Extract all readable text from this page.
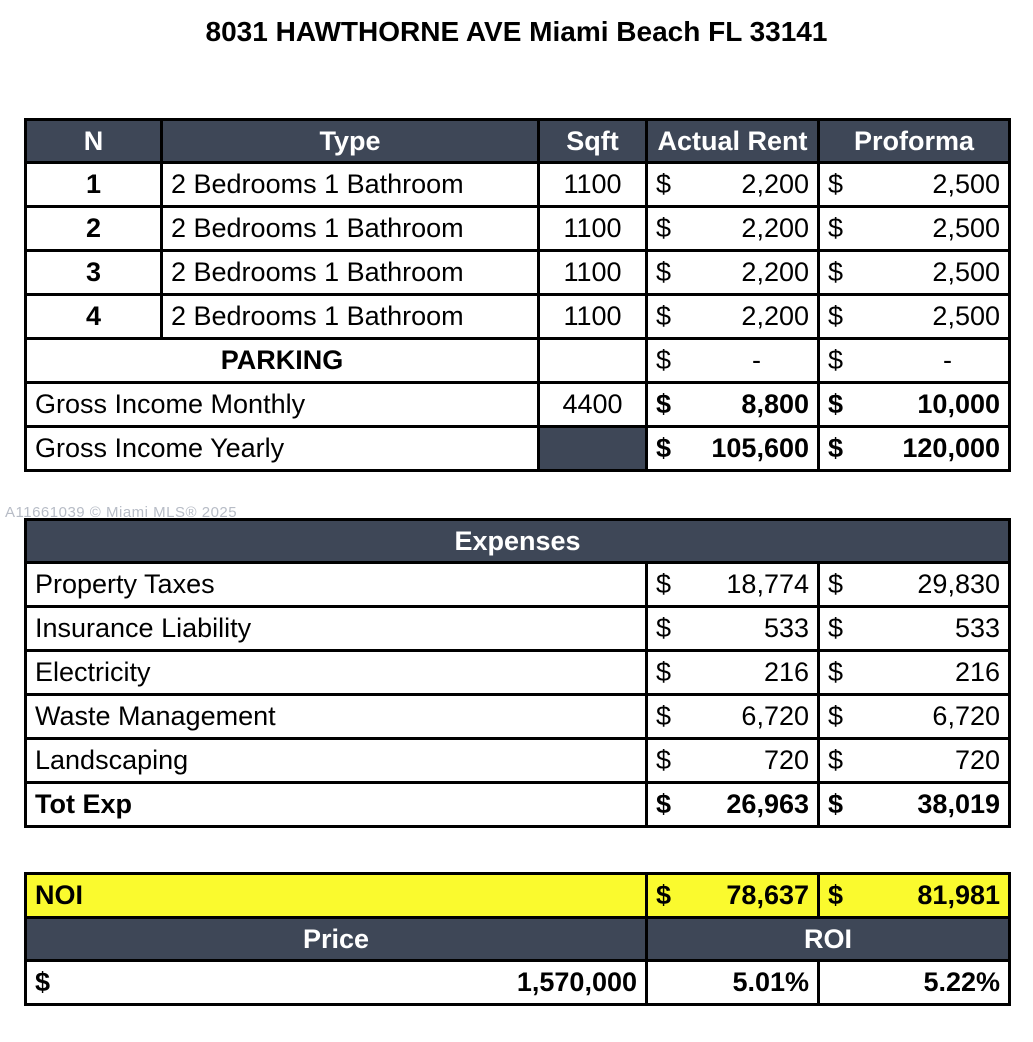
8031 HAWTHORNE AVE Miami Beach FL 33141
A11661039 © Miami MLS® 2025
N	Type	Sqft	Actual Rent	Proforma
1	2 Bedrooms 1 Bathroom	1100	$ 2,200	$ 2,500

2	2 Bedrooms 1 Bathroom	1100	$ 2,200	$ 2,500

3	2 Bedrooms 1 Bathroom	1100	$ 2,200	$ 2,500

4	2 Bedrooms 1 Bathroom	1100	$ 2,200	$ 2,500

PARKING			$ -	$ -

Gross Income Monthly		4400	$ 8,800	$ 10,000

Gross Income Yearly			$ 105,600	$ 120,000
Expenses		
Property Taxes	$ 18,774	$ 29,830

Insurance Liability	$ 533	$ 533

Electricity	$ 216	$ 216

Waste Management	$ 6,720	$ 6,720

Landscaping	$ 720	$ 720

Tot Exp	$ 26,963	$ 38,019
NOI	$ 78,637	$ 81,981

Price	ROI	

$ 1,570,000	5.01%	5.22%
